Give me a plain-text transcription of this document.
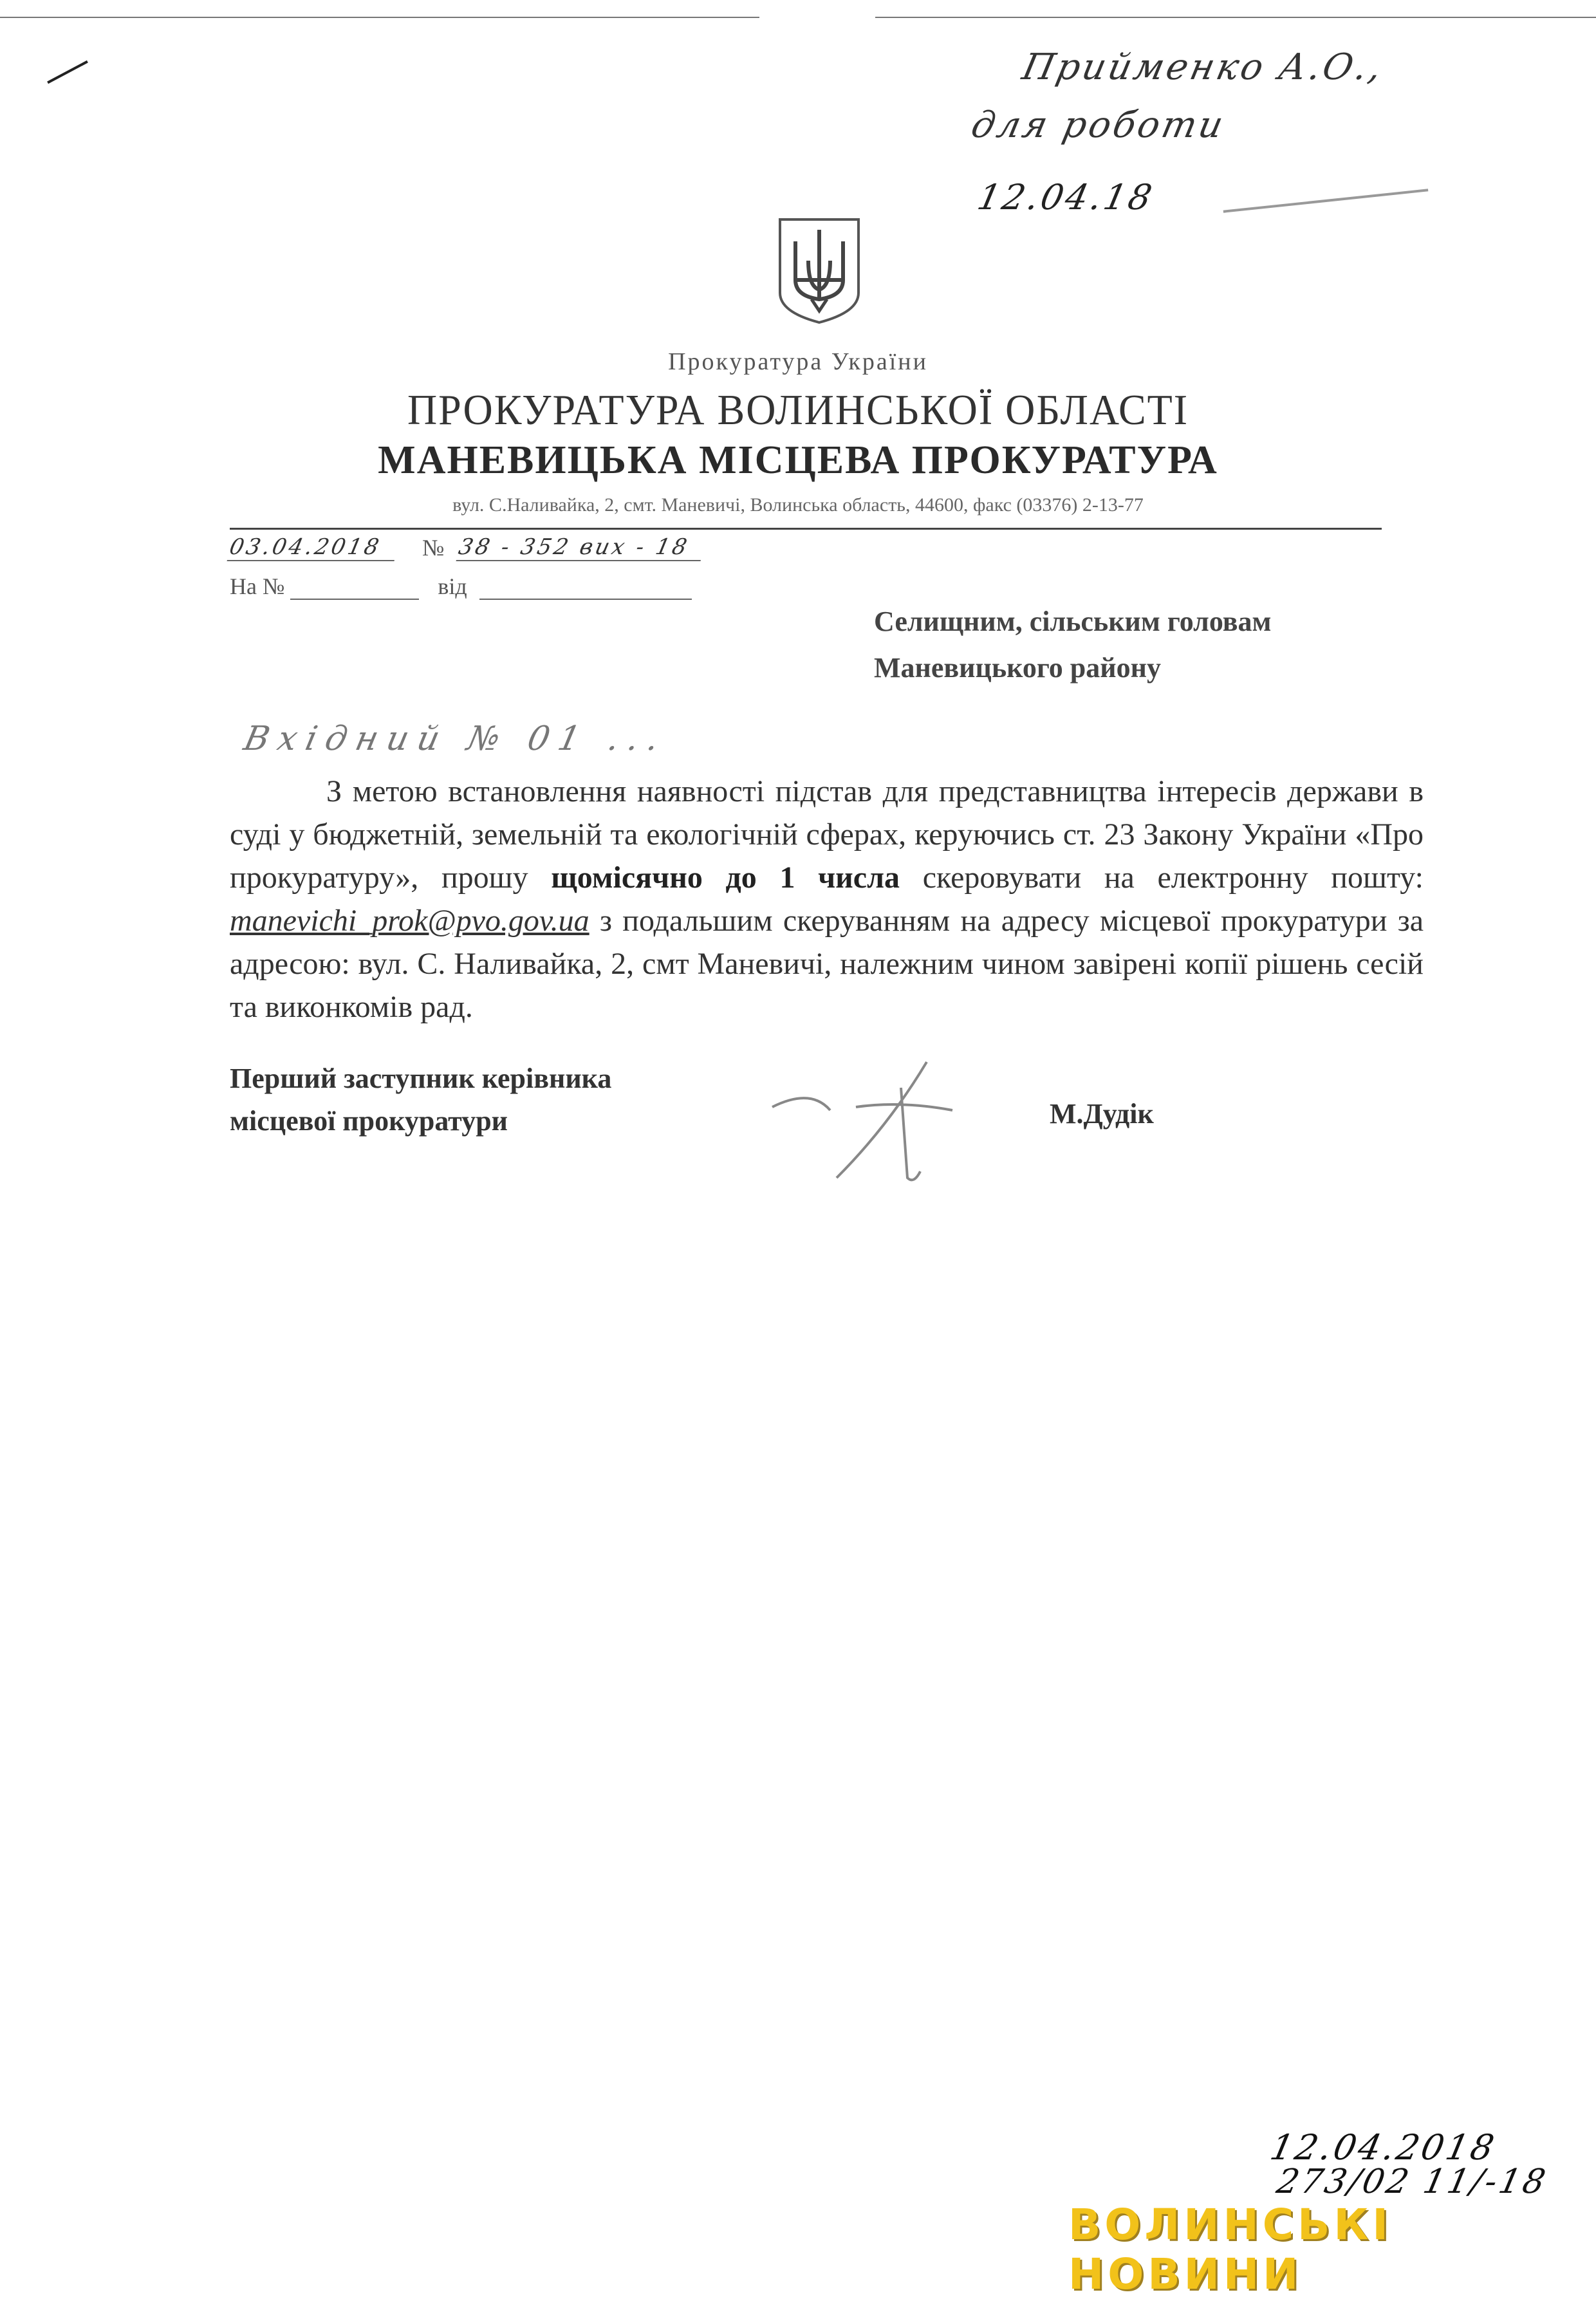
Прийменко А.О.,
для роботи
12.04.18
Прокуратура України
ПРОКУРАТУРА ВОЛИНСЬКОЇ ОБЛАСТІ
МАНЕВИЦЬКА МІСЦЕВА ПРОКУРАТУРА
вул. С.Наливайка, 2, смт. Маневичі, Волинська область, 44600, факс (03376) 2-13-77
03.04.2018 № 38 - 352 вих - 18
На №	від
Селищним, сільським головам
Маневицького району
Вхідний № 01 ...
З метою встановлення наявності підстав для представництва інтересів держави в суді у бюджетній, земельній та екологічній сферах, керуючись ст. 23 Закону України «Про прокуратуру», прошу щомісячно до 1 числа скеровувати на електронну пошту: manevichi_prok@pvo.gov.ua з подальшим скеруванням на адресу місцевої прокуратури за адресою: вул. С. Наливайка, 2, смт Маневичі, належним чином завірені копії рішень сесій та виконкомів рад.
Перший заступник керівника
місцевої прокуратури	М.Дудік
12.04.2018
273/02 11/-18
ВОЛИНСЬКІ НОВИНИ
